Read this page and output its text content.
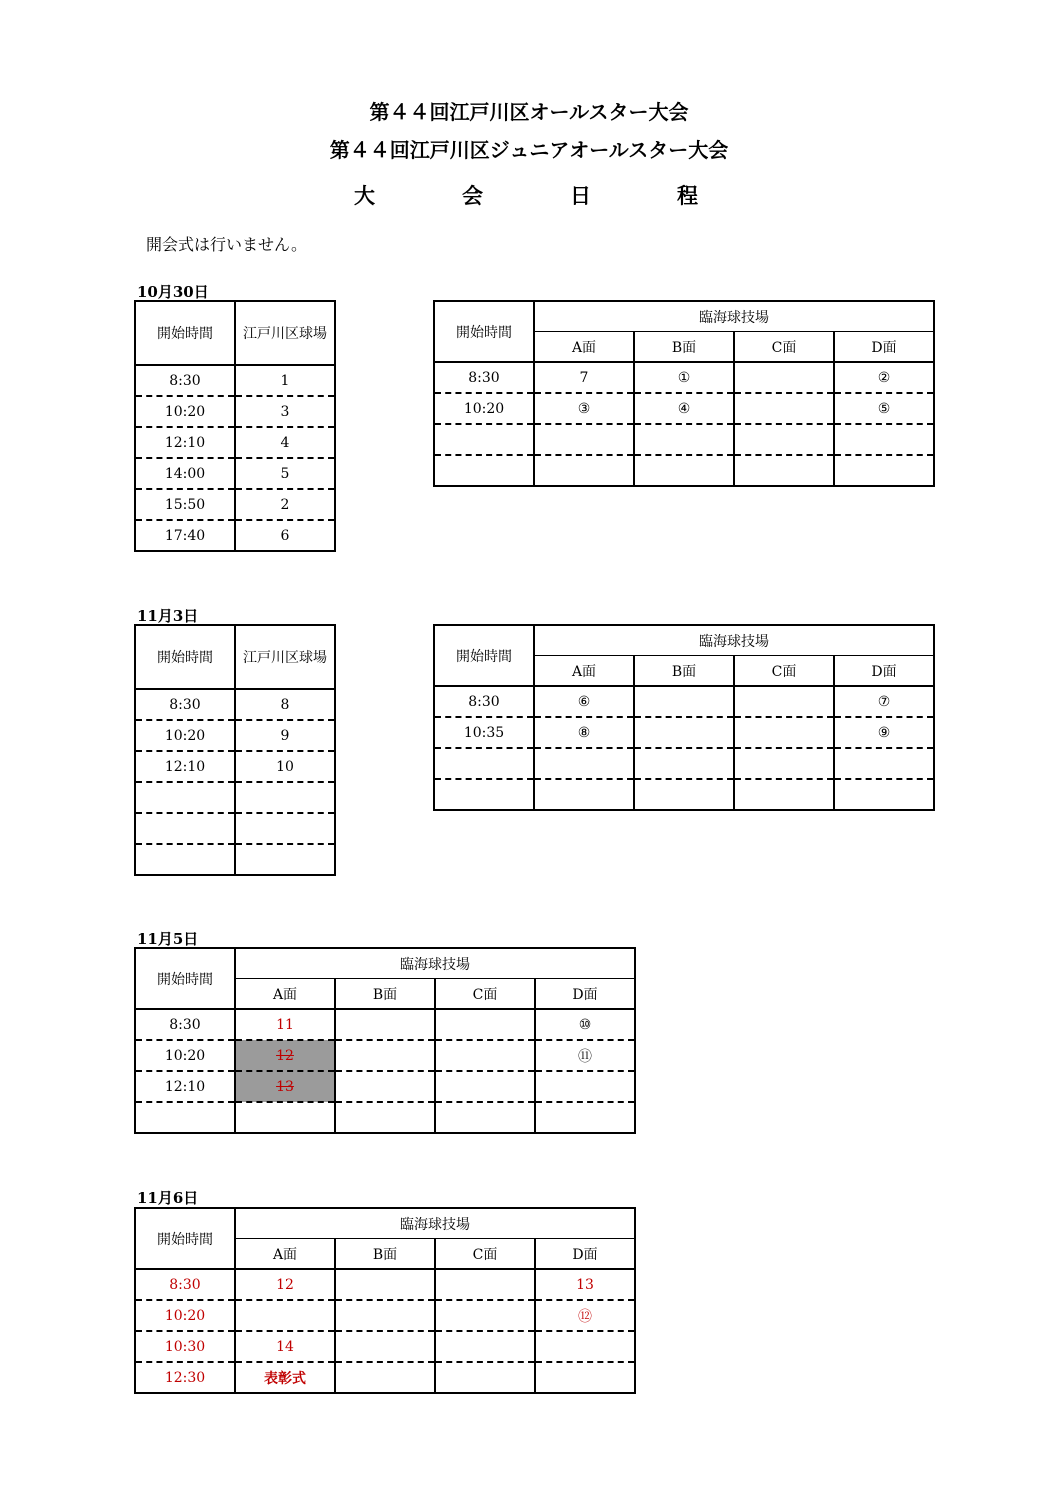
第４４回江戸川区オールスター大会
第４４回江戸川区ジュニアオールスター大会
大	会	日	程
開会式は行いません。
10月30日
開始時間	江戸川区球場
8:30	1
10:20	3
12:10	4
14:00	5
15:50	2
17:40	6
開始時間	臨海球技場			
	A面	B面	C面	D面
8:30	7	①		②
10:20	③	④		⑤

11月3日
開始時間	江戸川区球場
8:30	8
10:20	9
12:10	10

開始時間	臨海球技場			
	A面	B面	C面	D面
8:30	⑥			⑦
10:35	⑧			⑨

11月5日
開始時間	臨海球技場			
	A面	B面	C面	D面
8:30	11			⑩
10:20	12			⑪
12:10	13			

11月6日
開始時間	臨海球技場			
	A面	B面	C面	D面
8:30	12			13
10:20				⑫
10:30	14			
12:30	表彰式			
